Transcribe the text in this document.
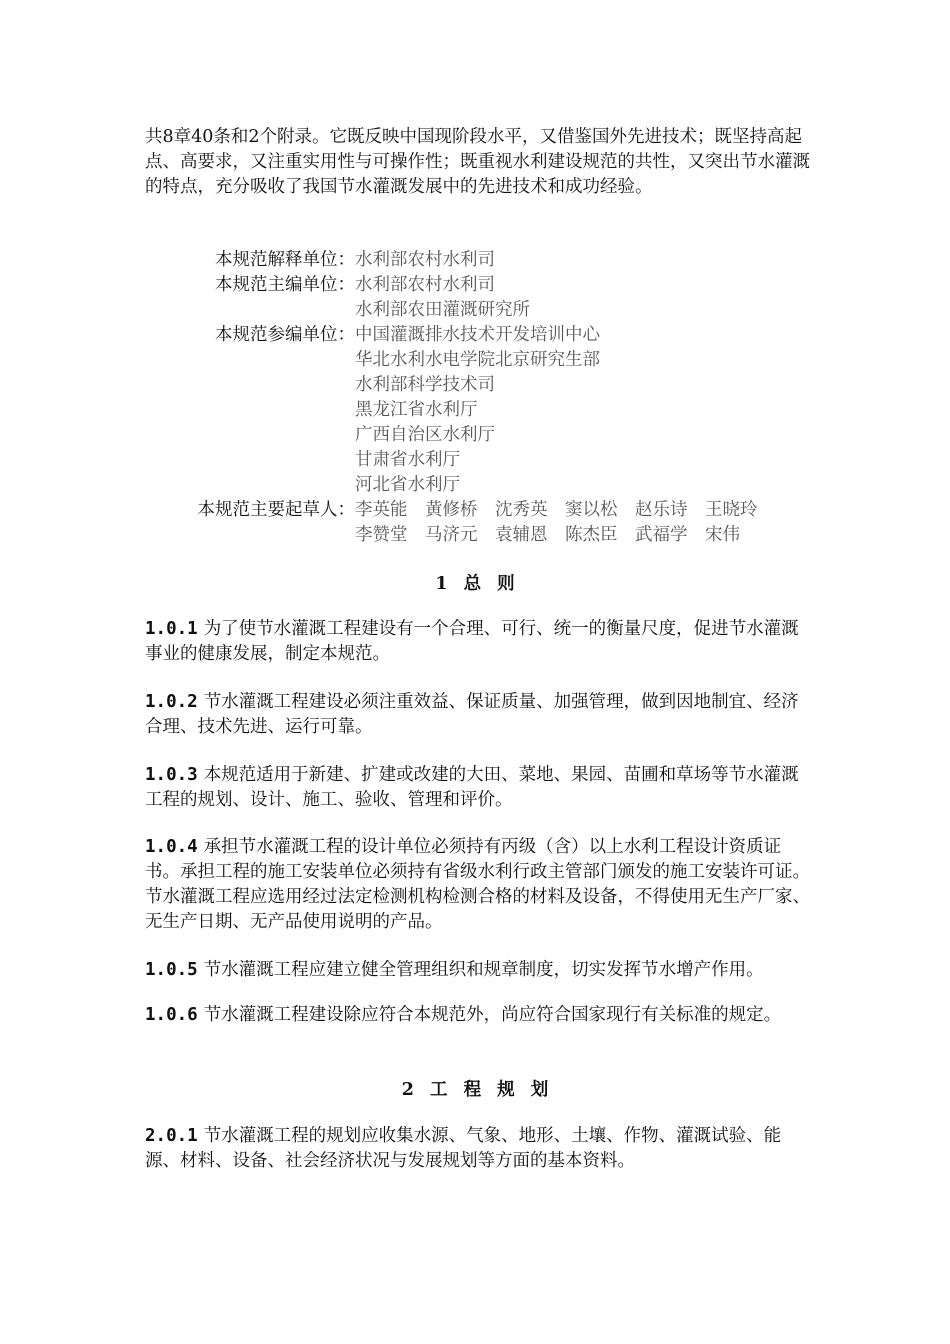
共8章40条和2个附录。它既反映中国现阶段水平，又借鉴国外先进技术；既坚持高起点、高要求，又注重实用性与可操作性；既重视水利建设规范的共性，又突出节水灌溉的特点，充分吸收了我国节水灌溉发展中的先进技术和成功经验。
本规范解释单位： 水利部农村水利司
本规范主编单位： 水利部农村水利司
水利部农田灌溉研究所
本规范参编单位： 中国灌溉排水技术开发培训中心
华北水利水电学院北京研究生部
水利部科学技术司
黑龙江省水利厅
广西自治区水利厅
甘肃省水利厅
河北省水利厅
本规范主要起草人： 李英能　黄修桥　沈秀英　窦以松　赵乐诗　王晓玲
李赞堂　马济元　袁辅恩　陈杰臣　武福学　宋伟
1 总 则
1.0.1 为了使节水灌溉工程建设有一个合理、可行、统一的衡量尺度，促进节水灌溉事业的健康发展，制定本规范。
1.0.2 节水灌溉工程建设必须注重效益、保证质量、加强管理，做到因地制宜、经济合理、技术先进、运行可靠。
1.0.3 本规范适用于新建、扩建或改建的大田、菜地、果园、苗圃和草场等节水灌溉工程的规划、设计、施工、验收、管理和评价。
1.0.4 承担节水灌溉工程的设计单位必须持有丙级（含）以上水利工程设计资质证书。承担工程的施工安装单位必须持有省级水利行政主管部门颁发的施工安装许可证。节水灌溉工程应选用经过法定检测机构检测合格的材料及设备，不得使用无生产厂家、无生产日期、无产品使用说明的产品。
1.0.5 节水灌溉工程应建立健全管理组织和规章制度，切实发挥节水增产作用。
1.0.6 节水灌溉工程建设除应符合本规范外，尚应符合国家现行有关标准的规定。
2 工 程 规 划
2.0.1 节水灌溉工程的规划应收集水源、气象、地形、土壤、作物、灌溉试验、能源、材料、设备、社会经济状况与发展规划等方面的基本资料。
